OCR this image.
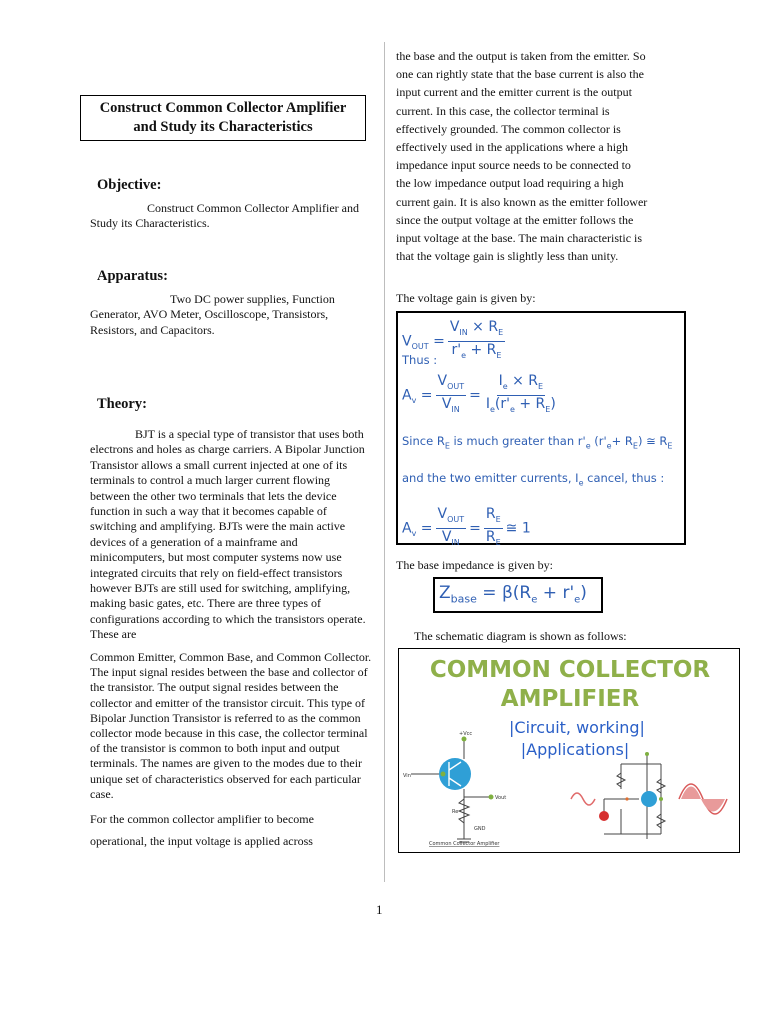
Construct Common Collector Amplifier and Study its Characteristics
Objective:

Construct Common Collector Amplifier and Study its Characteristics.

Apparatus:

Two DC power supplies, Function Generator, AVO Meter, Oscilloscope, Transistors, Resistors, and Capacitors.

Theory:

BJT is a special type of transistor that uses both electrons and holes as charge carriers. A Bipolar Junction Transistor allows a small current injected at one of its terminals to control a much larger current flowing between the other two terminals that lets the device function in such a way that it becomes capable of switching and amplifying. BJTs were the main active devices of a generation of a mainframe and minicomputers, but most computer systems now use integrated circuits that rely on field-effect transistors however BJTs are still used for switching, amplifying, making basic gates, etc. There are three types of configurations according to which the transistors operate. These are

Common Emitter, Common Base, and Common Collector. The input signal resides between the base and collector of the transistor. The output signal resides between the collector and emitter of the transistor circuit. This type of Bipolar Junction Transistor is referred to as the common collector mode because in this case, the collector terminal of the transistor is common to both input and output terminals. The names are given to the modes due to their unique set of characteristics observed for each particular case.

For the common collector amplifier to become

operational, the input voltage is applied across

the base and the output is taken from the emitter. So one can rightly state that the base current is also the input current and the emitter current is the output current. In this case, the collector terminal is effectively grounded. The common collector is effectively used in the applications where a high impedance input source needs to be connected to the low impedance output load requiring a high current gain. It is also known as the emitter follower since the output voltage at the emitter follows the input voltage at the base. The main characteristic is that the voltage gain is slightly less than unity.

The voltage gain is given by:

$V_{OUT} = \frac{V_{IN} \times R_E}{r'_e + R_E}$
Thus :
$A_v = \frac{V_{OUT}}{V_{IN}} = \frac{I_e \times R_E}{I_e(r'_e + R_E)}$
Since $R_E$ is much greater than $r'_e$ $(r'_e+ R_E)$ ≅ $R_E$
and the two emitter currents, $I_e$ cancel, thus :
$A_v = \frac{V_{OUT}}{V_{IN}} = \frac{R_E}{R_E}$ ≅ 1

The base impedance is given by:

$Z_{base} = \beta(R_e + r'_e)$

The schematic diagram is shown as follows:

COMMON COLLECTOR
AMPLIFIER
|Circuit, working|
|Applications|
Vin
+Vcc
Vout
Re
GND
Common Collector Amplifier
1
